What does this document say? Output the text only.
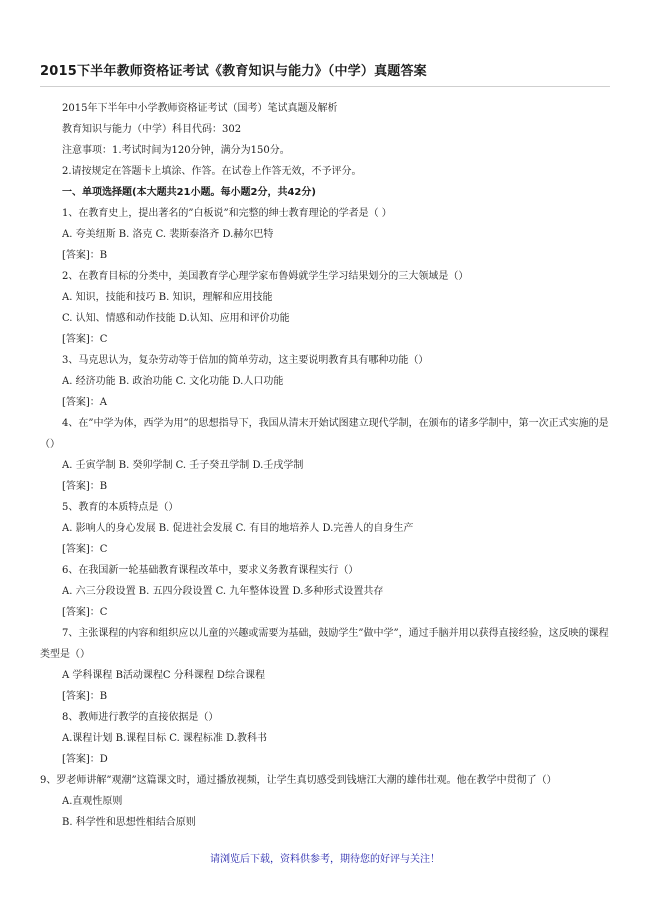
2015下半年教师资格证考试《教育知识与能力》（中学）真题答案
2015年下半年中小学教师资格证考试（国考）笔试真题及解析
教育知识与能力（中学）科目代码：302
注意事项：1.考试时间为120分钟，满分为150分。
2.请按规定在答题卡上填涂、作答。在试卷上作答无效，不予评分。
一、单项选择题(本大题共21小题。每小题2分，共42分)
1、在教育史上，提出著名的”白板说”和完整的绅士教育理论的学者是（ ）
A. 夸美纽斯 B. 洛克 C. 裴斯泰洛齐 D.赫尔巴特
[答案]：B
2、在教育目标的分类中，美国教育学心理学家布鲁姆就学生学习结果划分的三大领域是（）
A. 知识，技能和技巧 B. 知识，理解和应用技能
C. 认知、情感和动作技能 D.认知、应用和评价功能
[答案]：C
3、马克思认为，复杂劳动等于倍加的简单劳动，这主要说明教育具有哪种功能（）
A. 经济功能 B. 政治功能 C. 文化功能 D.人口功能
[答案]：A
4、在”中学为体，西学为用”的思想指导下，我国从清末开始试图建立现代学制，在颁布的诸多学制中，第一次正式实施的是（）
A. 壬寅学制 B. 癸卯学制 C. 壬子癸丑学制 D.壬戌学制
[答案]：B
5、教育的本质特点是（）
A. 影响人的身心发展 B. 促进社会发展 C. 有目的地培养人 D.完善人的自身生产
[答案]：C
6、在我国新一轮基础教育课程改革中，要求义务教育课程实行（）
A. 六三分段设置 B. 五四分段设置 C. 九年整体设置 D.多种形式设置共存
[答案]：C
7、主张课程的内容和组织应以儿童的兴趣或需要为基础，鼓励学生”做中学”，通过手脑并用以获得直接经验，这反映的课程类型是（）
A 学科课程 B活动课程C 分科课程 D综合课程
[答案]：B
8、教师进行教学的直接依据是（）
A.课程计划 B.课程目标 C. 课程标准 D.教科书
[答案]：D
9、罗老师讲解”观潮”这篇课文时，通过播放视频，让学生真切感受到钱塘江大潮的雄伟壮观。他在教学中贯彻了（）
A.直观性原则
B. 科学性和思想性相结合原则
请浏览后下载，资料供参考，期待您的好评与关注！
